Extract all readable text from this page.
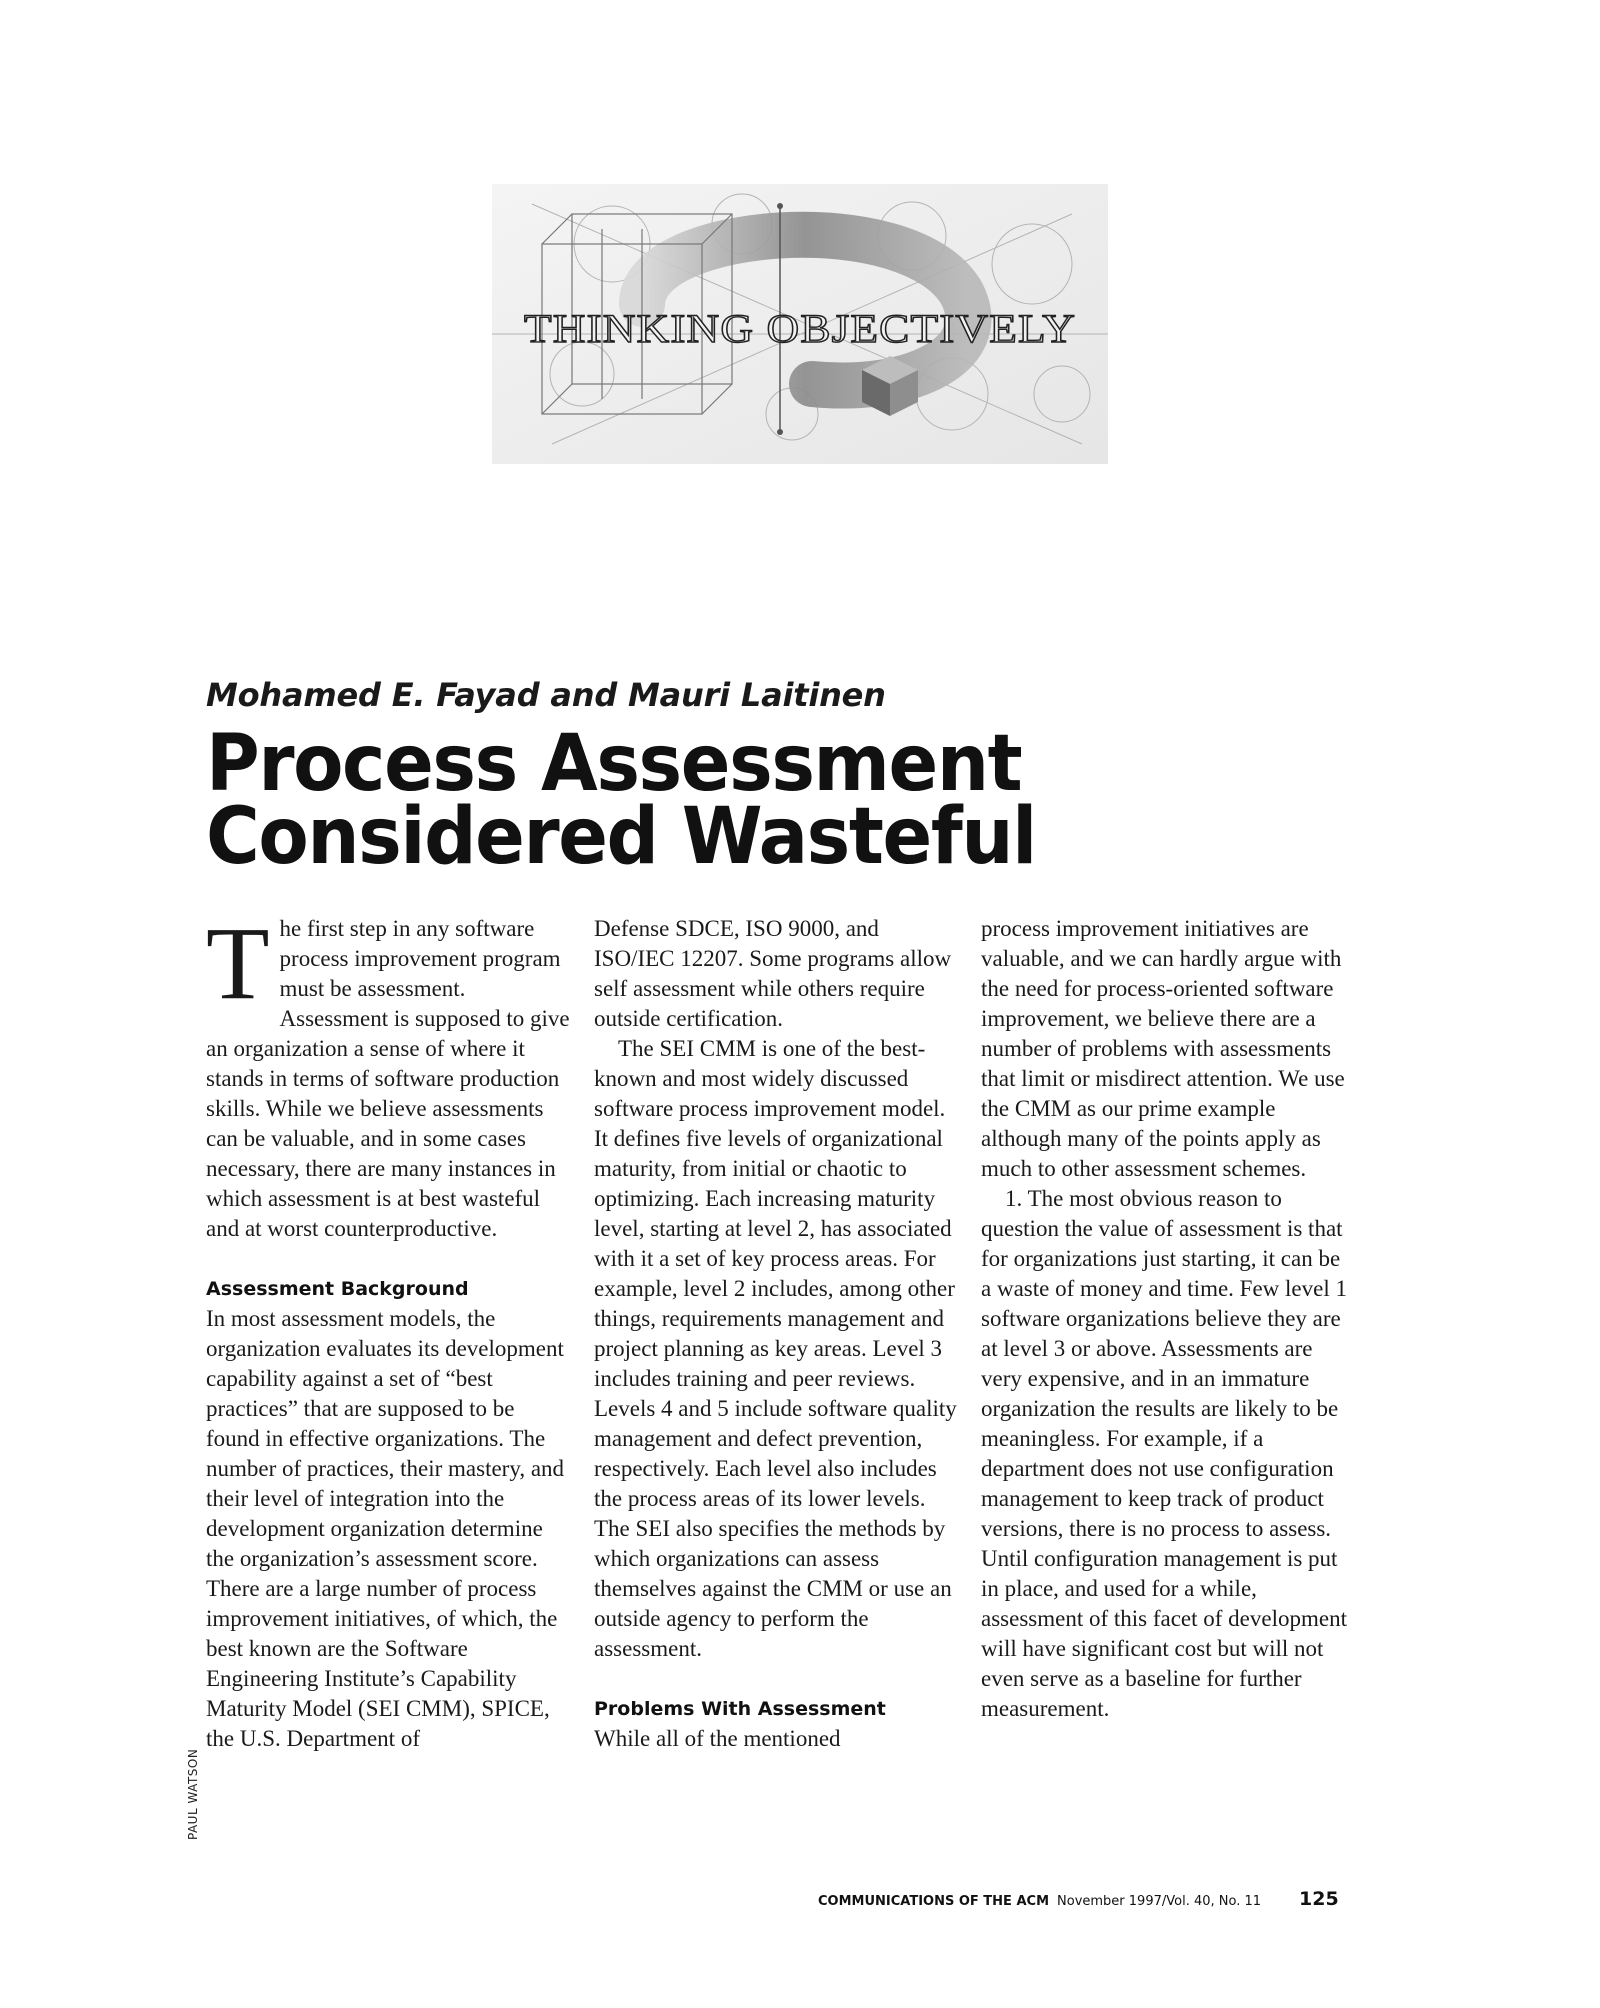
THINKING OBJECTIVELY
Mohamed E. Fayad and Mauri Laitinen
Process Assessment
Considered Wasteful

The first step in any software process improvement program must be assessment. Assessment is supposed to give an organization a sense of where it stands in terms of software production skills. While we believe assessments can be valuable, and in some cases necessary, there are many instances in which assessment is at best wasteful and at worst counterproductive.

Assessment Background

In most assessment models, the organization evaluates its development capability against a set of “best practices” that are supposed to be found in effective organizations. The number of practices, their mastery, and their level of integration into the development organization determine the organization’s assessment score. There are a large number of process improvement initiatives, of which, the best known are the Software Engineering Institute’s Capability Maturity Model (SEI CMM), SPICE, the U.S. Department of

Defense SDCE, ISO 9000, and ISO/IEC 12207. Some programs allow self assessment while others require outside certification.

The SEI CMM is one of the best-known and most widely discussed software process improvement model. It defines five levels of organizational maturity, from initial or chaotic to optimizing. Each increasing maturity level, starting at level 2, has associated with it a set of key process areas. For example, level 2 includes, among other things, requirements management and project planning as key areas. Level 3 includes training and peer reviews. Levels 4 and 5 include software quality management and defect prevention, respectively. Each level also includes the process areas of its lower levels. The SEI also specifies the methods by which organizations can assess themselves against the CMM or use an outside agency to perform the assessment.

Problems With Assessment

While all of the mentioned

process improvement initiatives are valuable, and we can hardly argue with the need for process-oriented software improvement, we believe there are a number of problems with assessments that limit or misdirect attention. We use the CMM as our prime example although many of the points apply as much to other assessment schemes.

1. The most obvious reason to question the value of assessment is that for organizations just starting, it can be a waste of money and time. Few level 1 software organizations believe they are at level 3 or above. Assessments are very expensive, and in an immature organization the results are likely to be meaningless. For example, if a department does not use configuration management to keep track of product versions, there is no process to assess. Until configuration management is put in place, and used for a while, assessment of this facet of development will have significant cost but will not even serve as a baseline for further measurement.

PAUL WATSON
COMMUNICATIONS OF THE ACM November 1997/Vol. 40, No. 11 125
